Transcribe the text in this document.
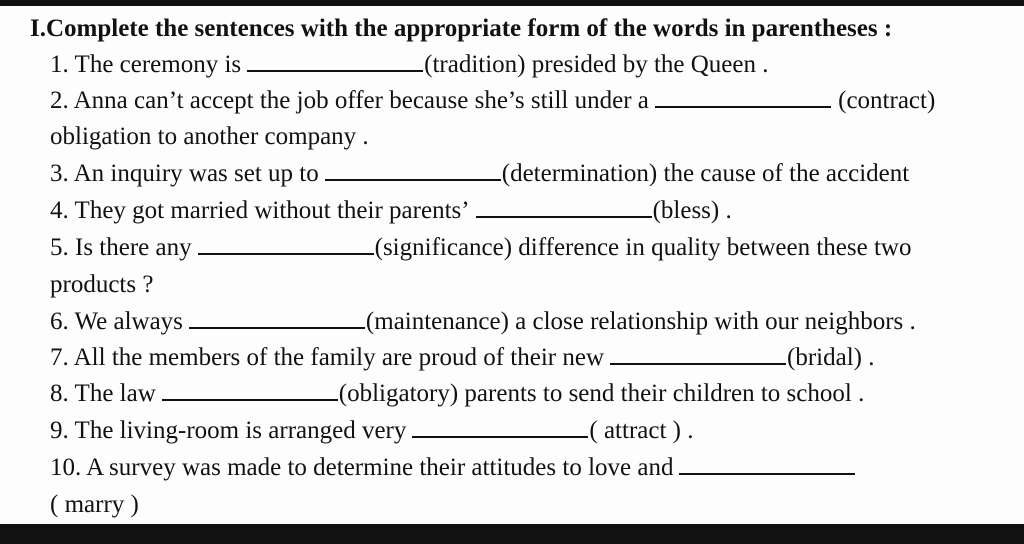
I.Complete the sentences with the appropriate form of the words in parentheses :
1. The ceremony is	(tradition) presided by the Queen .
2. Anna can’t accept the job offer because she’s still under a	(contract)
obligation to another company .
3. An inquiry was set up to	(determination) the cause of the accident
4. They got married without their parents’	(bless) .
5. Is there any	(significance) difference in quality between these two
products ?
6. We always	(maintenance) a close relationship with our neighbors .
7. All the members of the family are proud of their new	(bridal) .
8. The law	(obligatory) parents to send their children to school .
9. The living-room is arranged very	( attract ) .
10. A survey was made to determine their attitudes to love and
( marry )
